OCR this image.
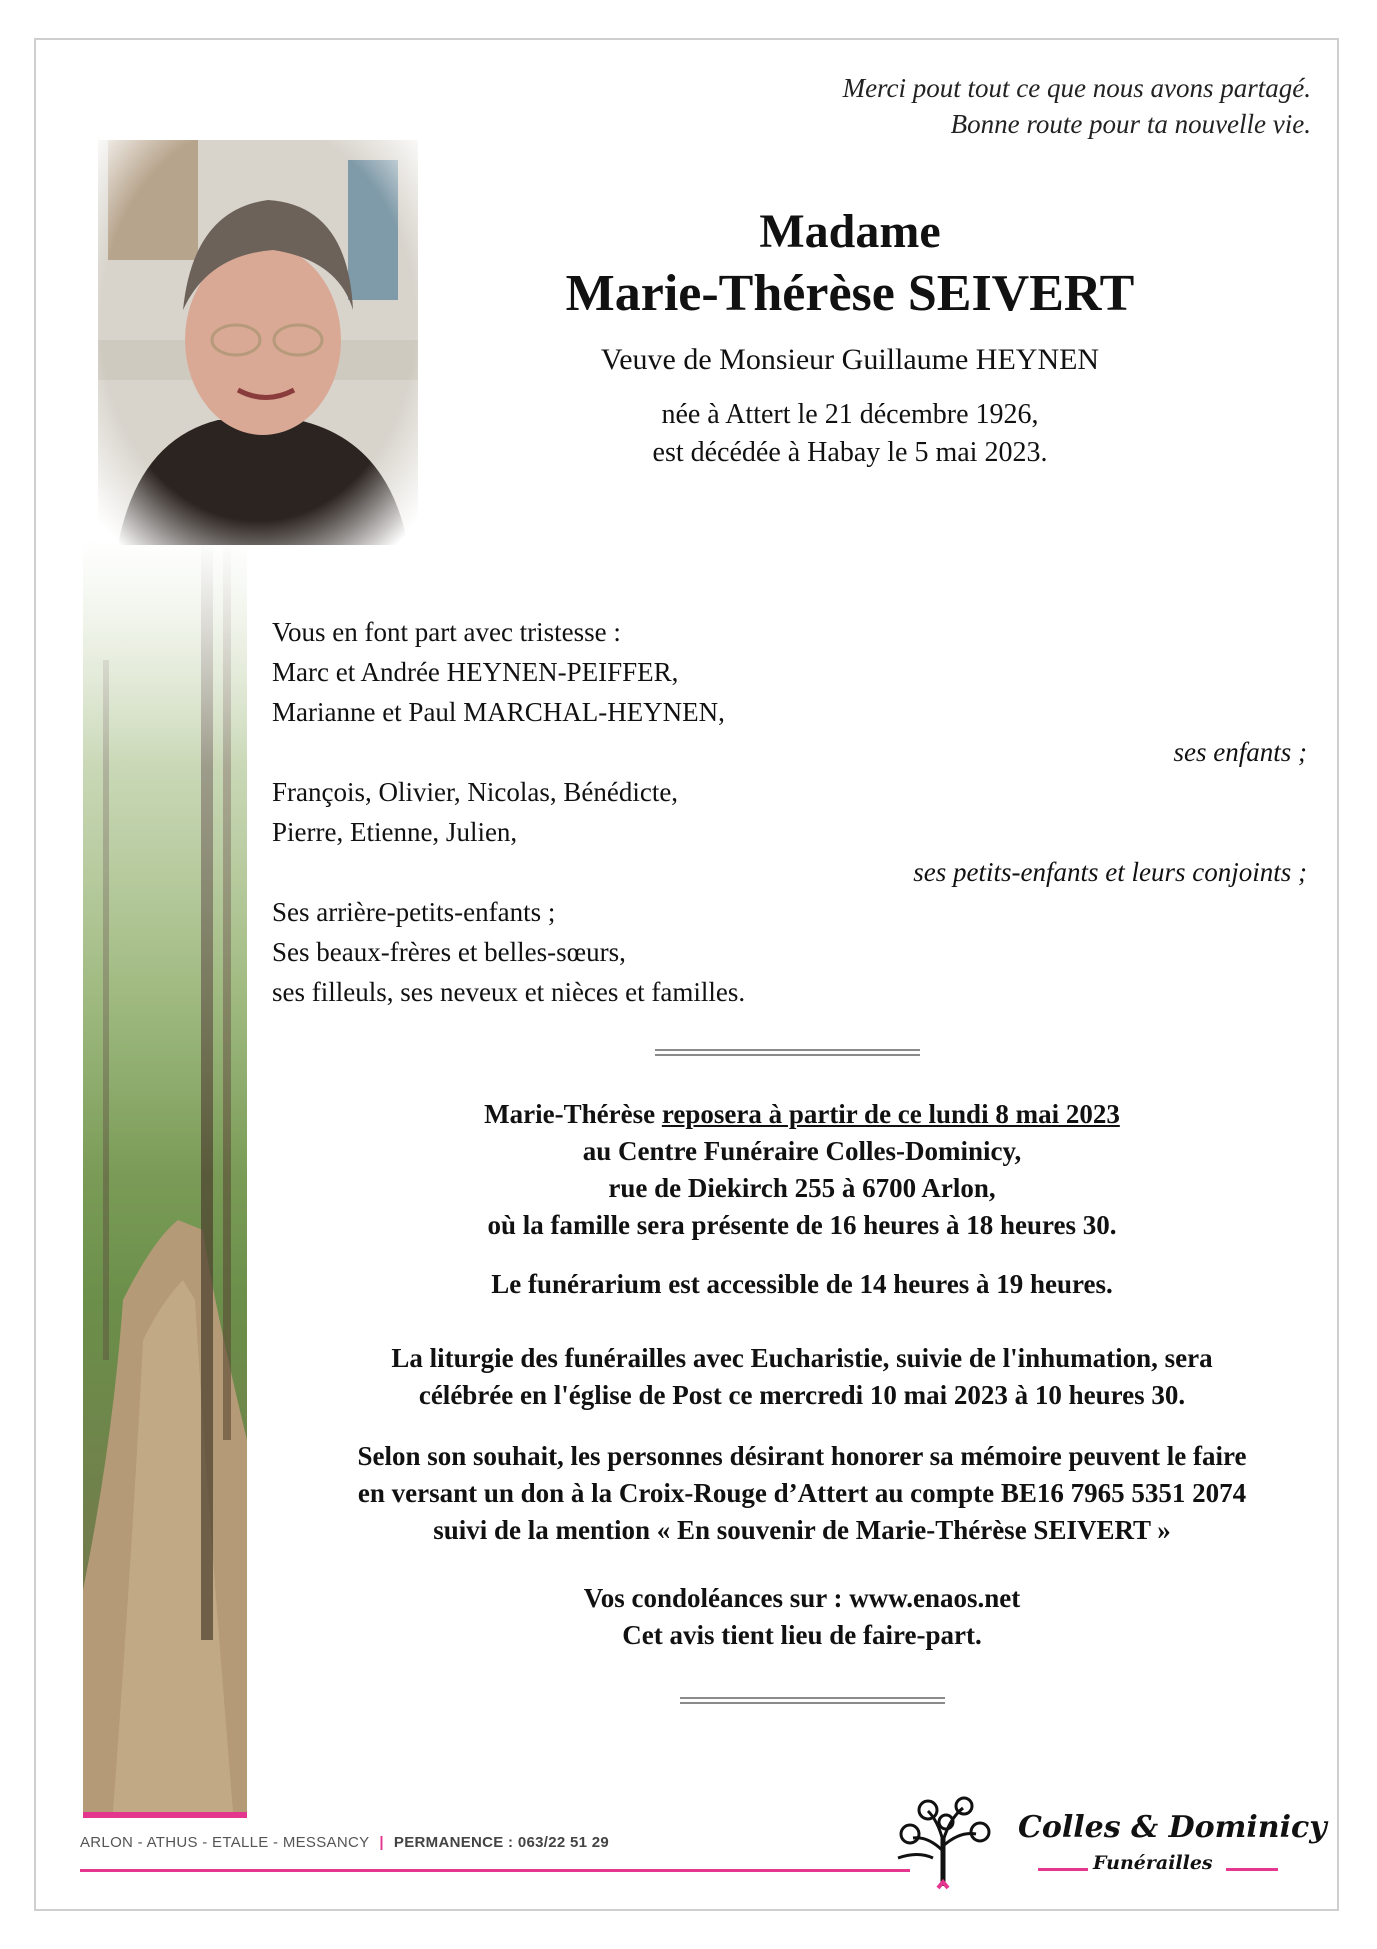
Merci pout tout ce que nous avons partagé.
Bonne route pour ta nouvelle vie.
Madame
Marie-Thérèse SEIVERT
Veuve de Monsieur Guillaume HEYNEN
née à Attert le 21 décembre 1926,
est décédée à Habay le 5 mai 2023.
Vous en font part avec tristesse :
Marc et Andrée HEYNEN-PEIFFER,
Marianne et Paul MARCHAL-HEYNEN,
ses enfants ;
François, Olivier, Nicolas, Bénédicte,
Pierre, Etienne, Julien,
ses petits-enfants et leurs conjoints ;
Ses arrière-petits-enfants ;
Ses beaux-frères et belles-sœurs,
ses filleuls, ses neveux et nièces et familles.
Marie-Thérèse reposera à partir de ce lundi 8 mai 2023
au Centre Funéraire Colles-Dominicy,
rue de Diekirch 255 à 6700 Arlon,
où la famille sera présente de 16 heures à 18 heures 30.
Le funérarium est accessible de 14 heures à 19 heures.
La liturgie des funérailles avec Eucharistie, suivie de l'inhumation, sera
célébrée en l'église de Post ce mercredi 10 mai 2023 à 10 heures 30.
Selon son souhait, les personnes désirant honorer sa mémoire peuvent le faire
en versant un don à la Croix-Rouge d’Attert au compte BE16 7965 5351 2074
suivi de la mention « En souvenir de Marie-Thérèse SEIVERT »
Vos condoléances sur : www.enaos.net
Cet avis tient lieu de faire-part.
ARLON - ATHUS - ETALLE - MESSANCY | PERMANENCE : 063/22 51 29	Colles & Dominicy
Funérailles
